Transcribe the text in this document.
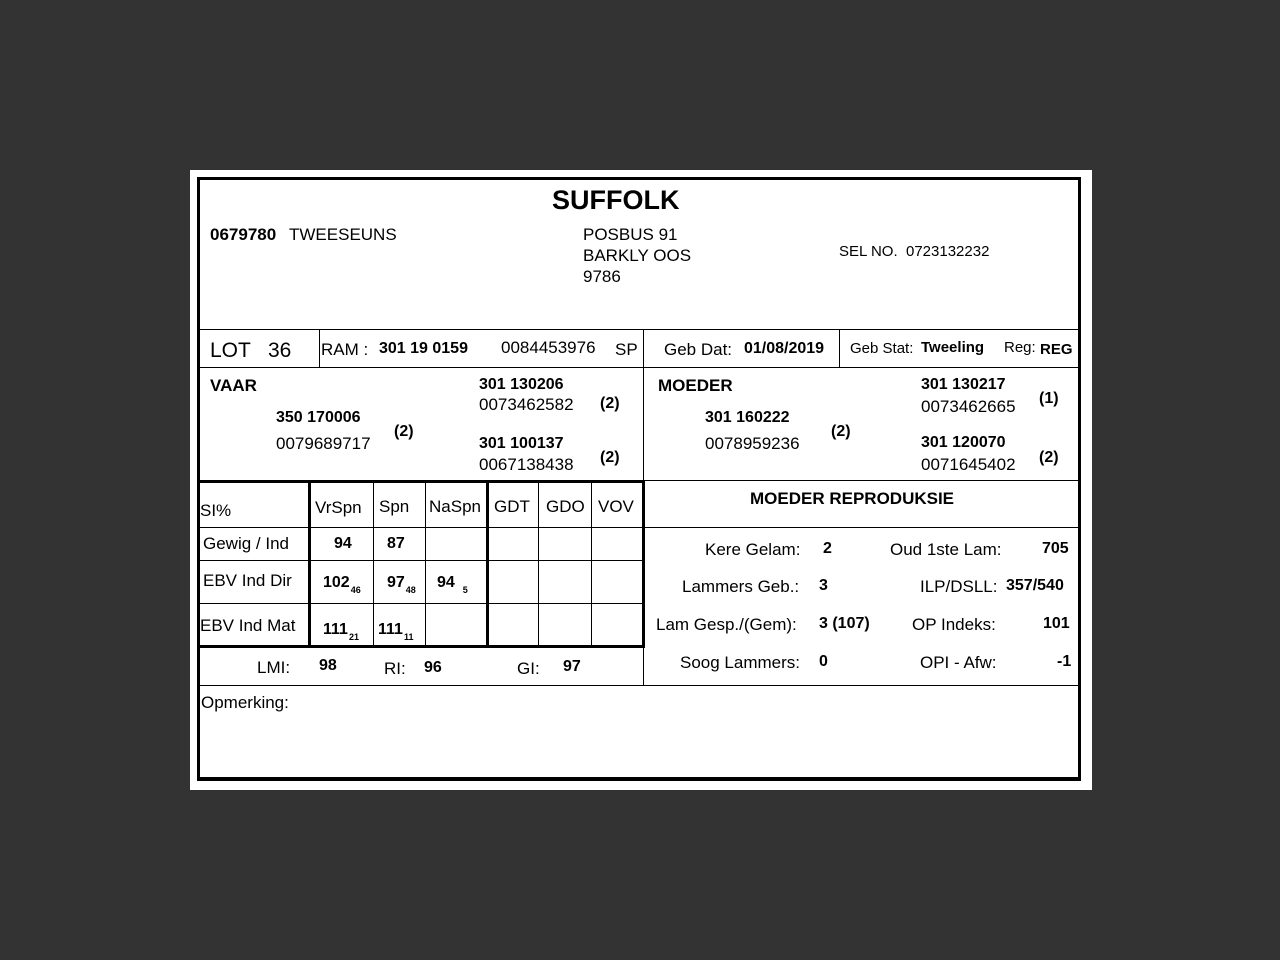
SUFFOLK
0679780 TWEESEUNS	POSBUS 91
BARKLY OOS
9786
SEL NO. 0723132232
LOT 36 RAM : 301 19 0159 0084453976 SP Geb Dat: 01/08/2019 Geb Stat: Tweeling Reg: REG
VAAR
350 170006
0079689717
(2)
301 130206
0073462582 (2)
301 100137
0067138438 (2)
MOEDER
301 160222
0078959236
(2)
301 130217
0073462665 (1)
301 120070
0071645402 (2)
SI%	VrSpn Spn NaSpn GDT GDO VOV
Gewig / Ind	94 87
EBV Ind Dir $102_{46}$ $97_{48}$ 94 $_5$
EBV Ind Mat $111_{21}$ $111_{11}$
LMI: 98	RI: 96	GI: 97
MOEDER REPRODUKSIE
Kere Gelam: 2	Oud 1ste Lam:	705
Lammers Geb.: 3	ILP/DSLL: 357/540
Lam Gesp./(Gem): 3 (107) OP Indeks:	101
Soog Lammers: 0	OPI - Afw:	-1
Opmerking:
